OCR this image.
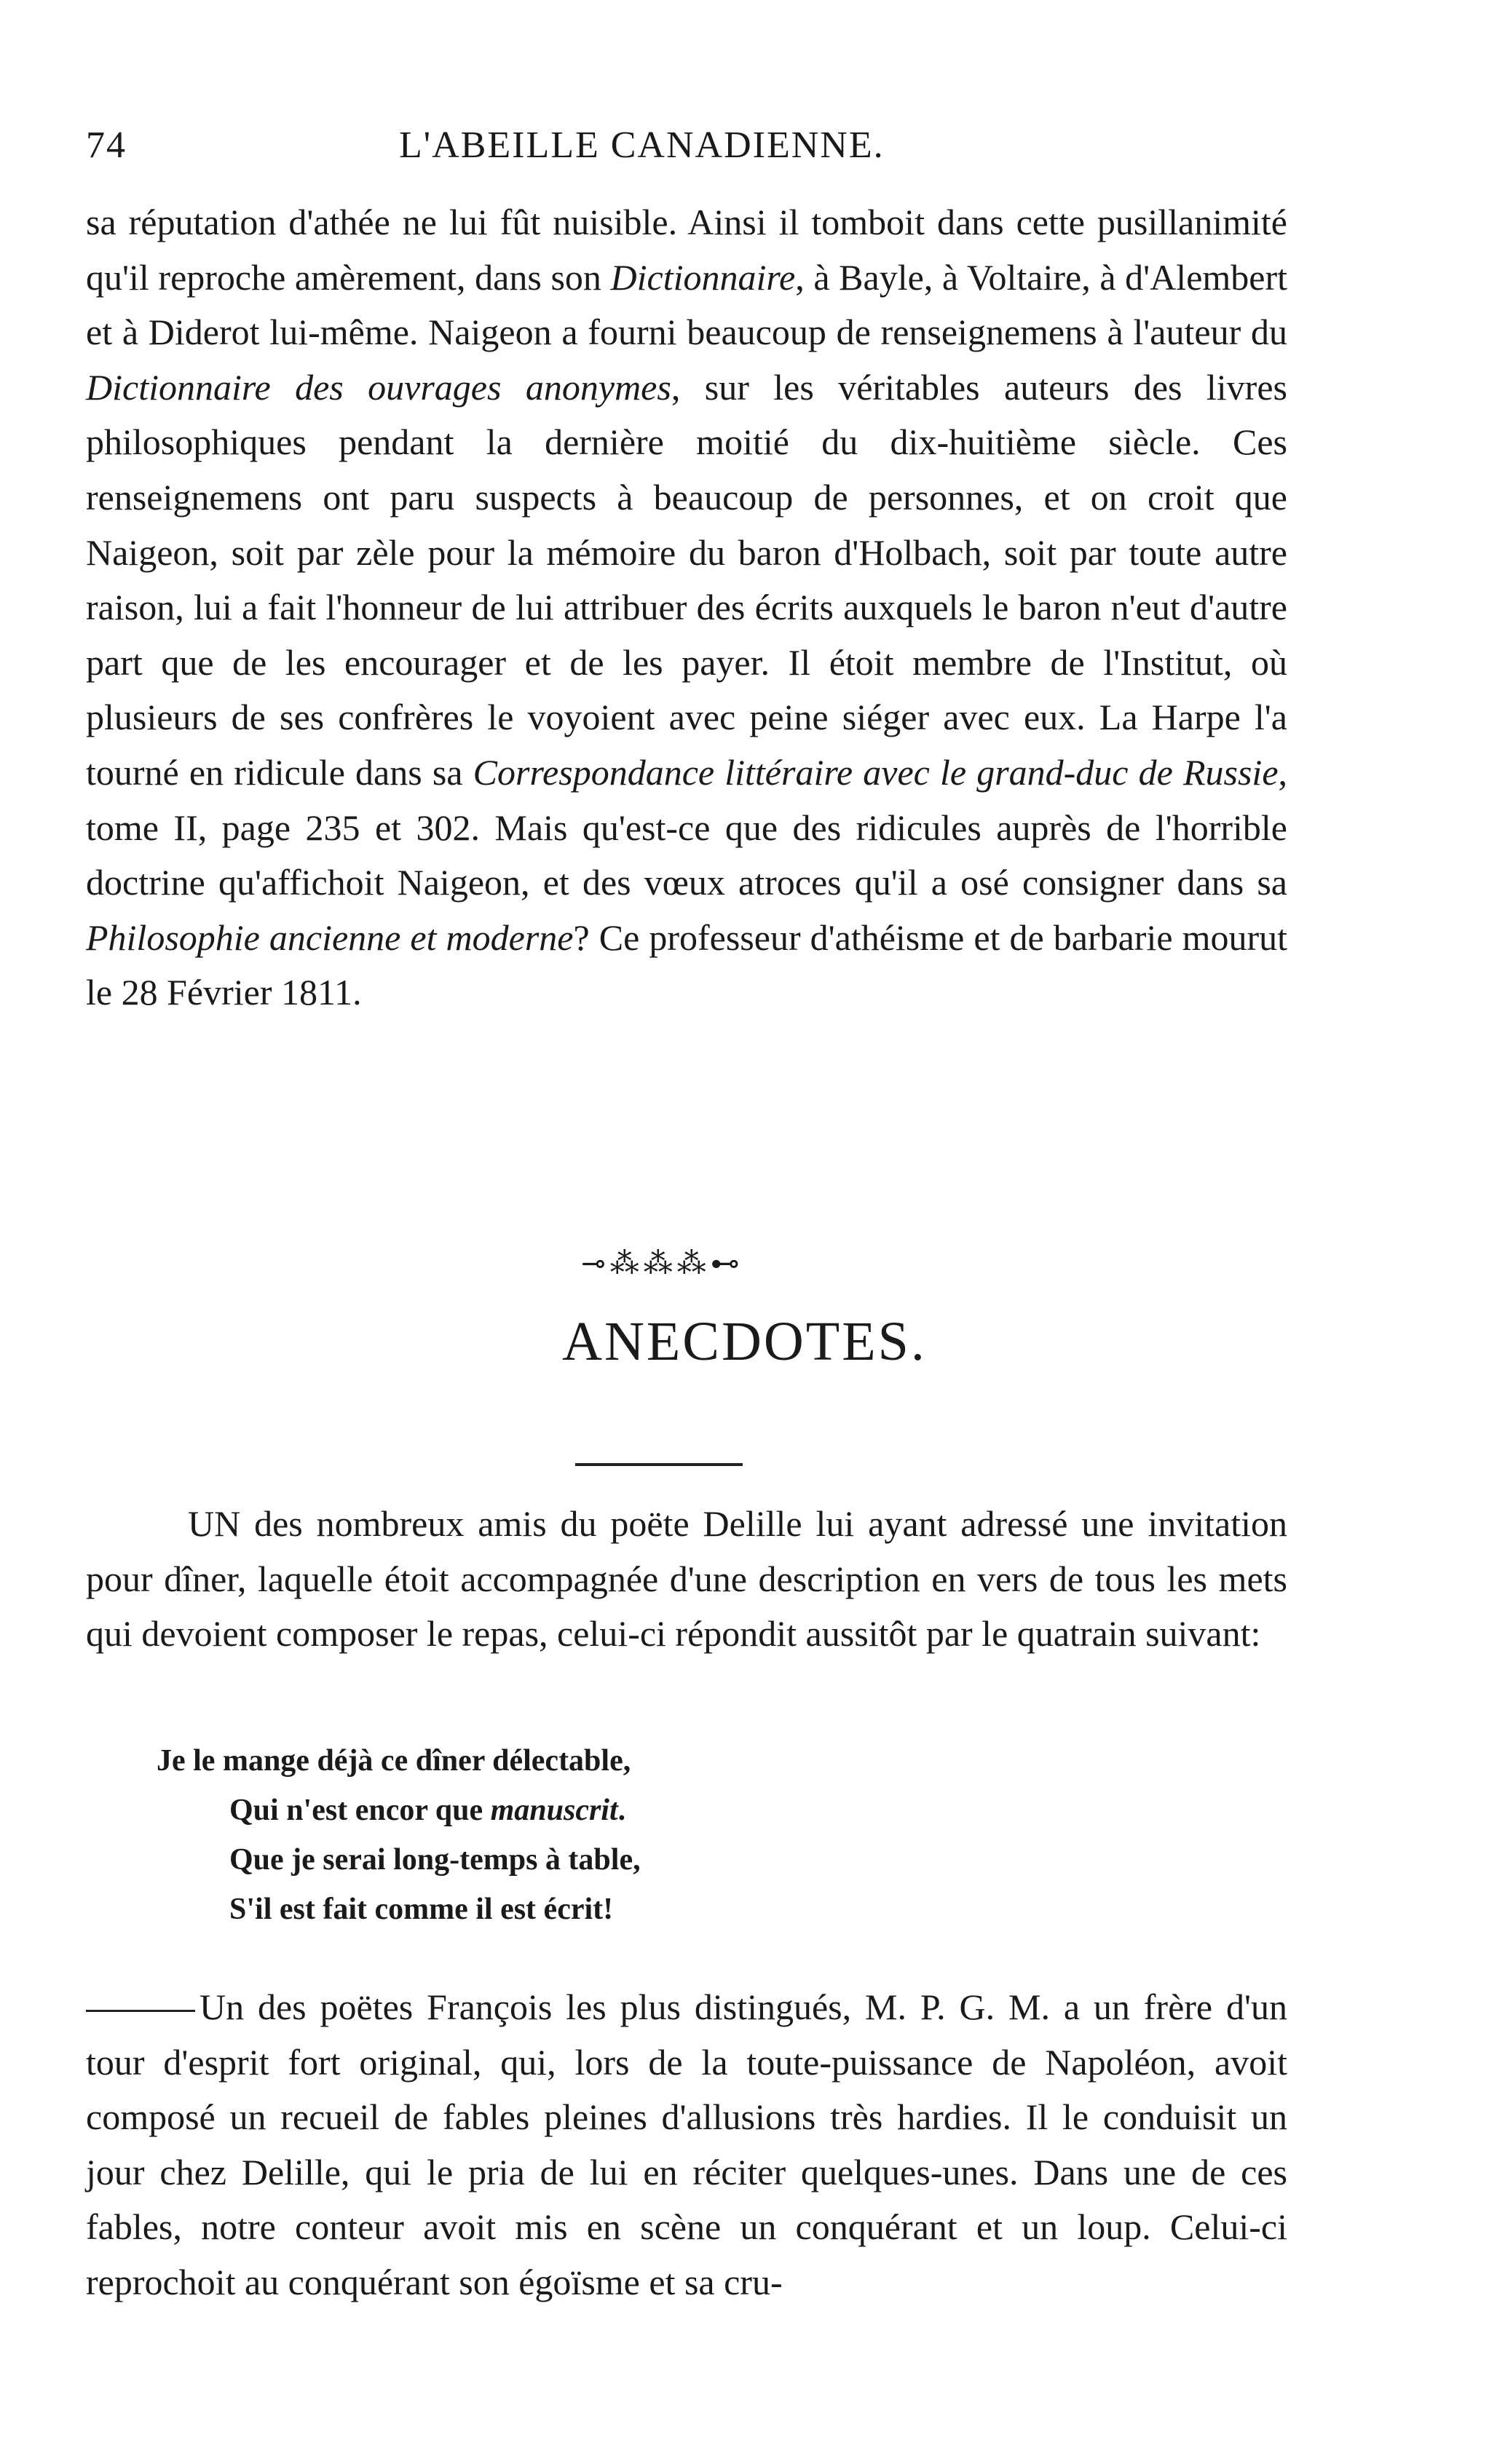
74	L'ABEILLE CANADIENNE.

sa réputation d'athée ne lui fût nuisible. Ainsi il tomboit dans cette pusillanimité qu'il reproche amèrement, dans son Dictionnaire, à Bayle, à Voltaire, à d'Alembert et à Diderot lui-même. Naigeon a fourni beaucoup de renseignemens à l'auteur du Dictionnaire des ouvrages anonymes, sur les véritables auteurs des livres philosophiques pendant la dernière moitié du dix-huitième siècle. Ces renseignemens ont paru suspects à beaucoup de personnes, et on croit que Naigeon, soit par zèle pour la mémoire du baron d'Holbach, soit par toute autre raison, lui a fait l'honneur de lui attribuer des écrits auxquels le baron n'eut d'autre part que de les encourager et de les payer. Il étoit membre de l'Institut, où plusieurs de ses confrères le voyoient avec peine siéger avec eux. La Harpe l'a tourné en ridicule dans sa Correspondance littéraire avec le grand-duc de Russie, tome II, page 235 et 302. Mais qu'est-ce que des ridicules auprès de l'horrible doctrine qu'affichoit Naigeon, et des vœux atroces qu'il a osé consigner dans sa Philosophie ancienne et moderne? Ce professeur d'athéisme et de barbarie mourut le 28 Février 1811.

⊸⁂⁂⁂⊷
ANECDOTES.

UN des nombreux amis du poëte Delille lui ayant adressé une invitation pour dîner, laquelle étoit accompagnée d'une description en vers de tous les mets qui devoient composer le repas, celui-ci répondit aussitôt par le quatrain suivant:

Je le mange déjà ce dîner délectable,
Qui n'est encor que manuscrit.
Que je serai long-temps à table,
S'il est fait comme il est écrit!

Un des poëtes François les plus distingués, M. P. G. M. a un frère d'un tour d'esprit fort original, qui, lors de la toute-puissance de Napoléon, avoit composé un recueil de fables pleines d'allusions très hardies. Il le conduisit un jour chez Delille, qui le pria de lui en réciter quelques-unes. Dans une de ces fables, notre conteur avoit mis en scène un conquérant et un loup. Celui-ci reprochoit au conquérant son égoïsme et sa cru-
